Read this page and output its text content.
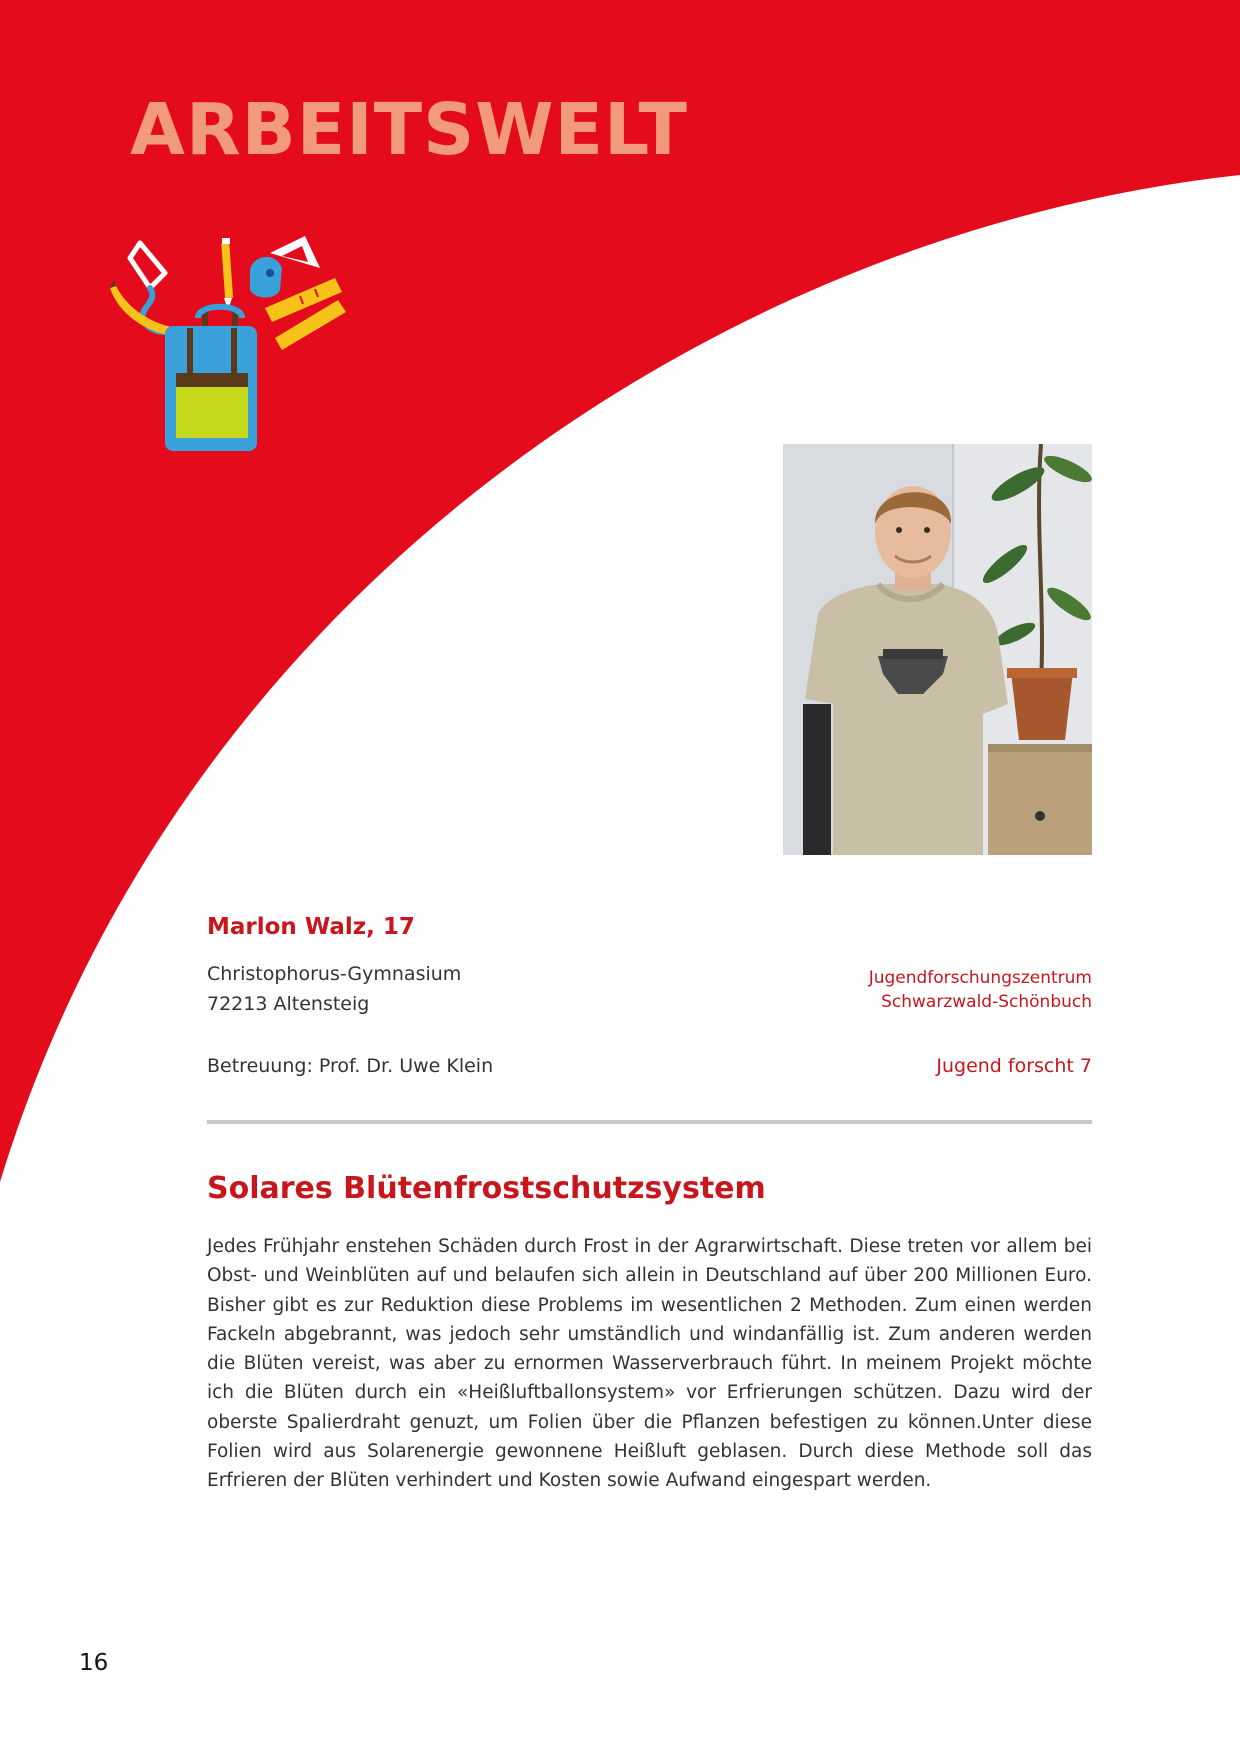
ARBEITSWELT
Marlon Walz, 17
Christophorus-Gymnasium
72213 Altensteig
Jugendforschungszentrum
Schwarzwald-Schönbuch
Betreuung: Prof. Dr. Uwe Klein	Jugend forscht 7
Solares Blütenfrostschutzsystem

Jedes Frühjahr enstehen Schäden durch Frost in der Agrarwirtschaft. Diese treten vor allem bei Obst- und Weinblüten auf und belaufen sich allein in Deutschland auf über 200 Millionen Euro. Bisher gibt es zur Reduktion diese Problems im wesentlichen 2 Methoden. Zum einen werden Fackeln abgebrannt, was jedoch sehr umständlich und windanfällig ist. Zum anderen werden die Blüten vereist, was aber zu ernormen Wasserverbrauch führt. In meinem Projekt möchte ich die Blüten durch ein «Heißluftballonsystem» vor Erfrierungen schützen. Dazu wird der oberste Spalierdraht genuzt, um Folien über die Pflanzen befestigen zu können.Unter diese Folien wird aus Solarenergie gewonnene Heißluft geblasen. Durch diese Methode soll das Erfrieren der Blüten verhindert und Kosten sowie Aufwand eingespart werden.

16
